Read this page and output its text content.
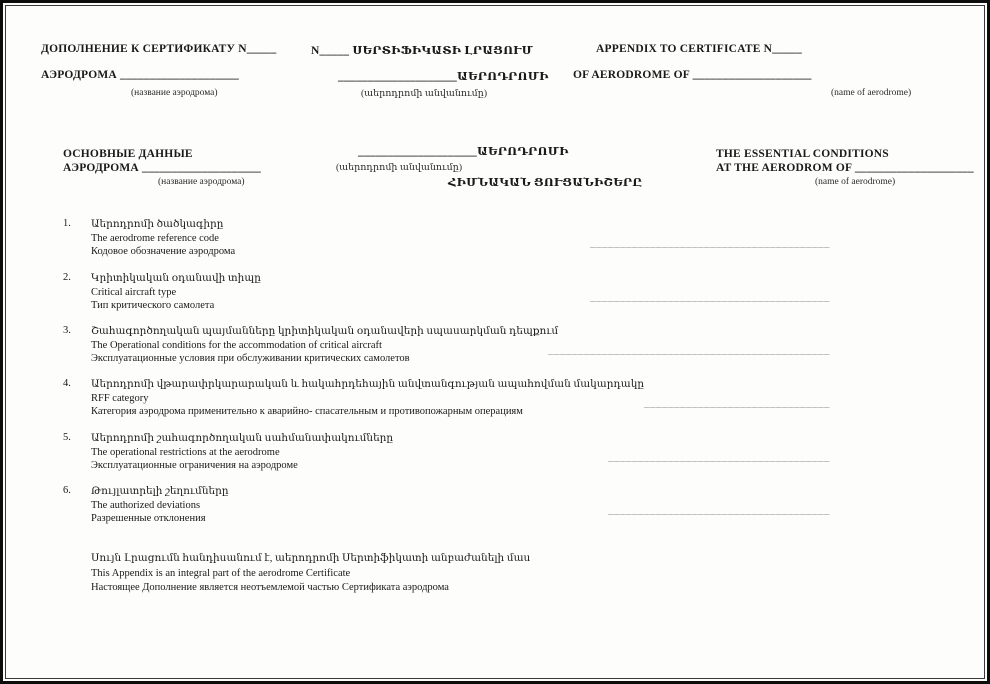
ДОПОЛНЕНИЕ К СЕРТИФИКАТУ N_____	N_____ ՍԵՐՏԻՖԻԿԱՏԻ ԼՐԱՑՈՒՄ	APPENDIX TO CERTIFICATE N_____
АЭРОДРОМА ____________________	____________________ԱԵՐՈԴՐՈՄԻ OF AERODROME OF ____________________
(название аэродрома)	(աերոդրոմի անվանումը)	(name of aerodrome)
____________________ԱԵՐՈԴՐՈՄԻ
ОСНОВНЫЕ ДАННЫЕ	THE ESSENTIAL CONDITIONS
АЭРОДРОМА ____________________	(աերոդրոմի անվանումը)	AT THE AERODROM OF ____________________
(название аэродрома)	ՀԻՄՆԱԿԱՆ ՑՈՒՑԱՆԻՇԵՐԸ	(name of aerodrome)
1.	Աերոդրոմի ծածկագիրը
The aerodrome reference code
Кодовое обозначение аэродрома
________________________________________
2.	Կրիտիկական օդանավի տիպը
Critical aircraft type
Тип критического самолета
________________________________________
3.	Շահագործողական պայմանները կրիտիկական օդանավերի սպասարկման դեպքում
The Operational conditions for the accommodation of critical aircraft
Эксплуатационные условия при обслуживании критических самолетов
_______________________________________________
4.	Աերոդրոմի վթարափրկարարական և հակահրդեհային անվտանգության ապահովման մակարդակը
RFF category
Категория аэродрома применительно к аварийно- спасательным и противопожарным операциям
_______________________________
5.	Աերոդրոմի շահագործողական սահմանափակումները
The operational restrictions at the aerodrome
Эксплуатационные ограничения на аэродроме
_____________________________________
6.	Թույլատրելի շեղումները
The authorized deviations
Разрешенные отклонения
_____________________________________
Սույն Լրացումն հանդիսանում է, աերոդրոմի Սերտիֆիկատի անբաժանելի մաս
This Appendix is an integral part of the aerodrome Certificate
Настоящее Дополнение является неотъемлемой частью Сертификата аэродрома
